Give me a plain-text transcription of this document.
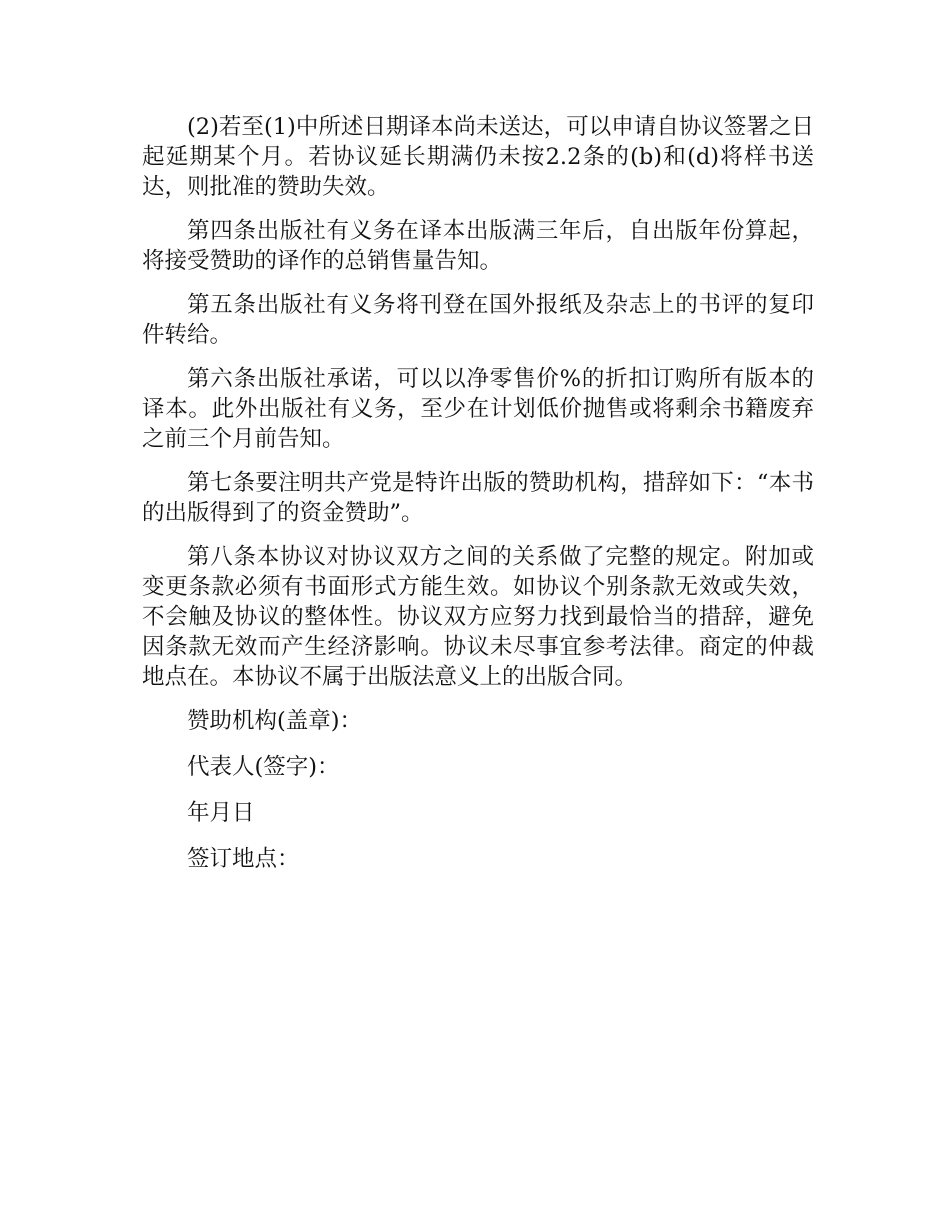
(2)若至(1)中所述日期译本尚未送达，可以申请自协议签署之日起延期某个月。若协议延长期满仍未按2.2条的(b)和(d)将样书送达，则批准的赞助失效。

第四条出版社有义务在译本出版满三年后，自出版年份算起，将接受赞助的译作的总销售量告知。

第五条出版社有义务将刊登在国外报纸及杂志上的书评的复印件转给。

第六条出版社承诺，可以以净零售价%的折扣订购所有版本的译本。此外出版社有义务，至少在计划低价抛售或将剩余书籍废弃之前三个月前告知。

第七条要注明共产党是特许出版的赞助机构，措辞如下：“本书的出版得到了的资金赞助”。

第八条本协议对协议双方之间的关系做了完整的规定。附加或变更条款必须有书面形式方能生效。如协议个别条款无效或失效，不会触及协议的整体性。协议双方应努力找到最恰当的措辞，避免因条款无效而产生经济影响。协议未尽事宜参考法律。商定的仲裁地点在。本协议不属于出版法意义上的出版合同。

赞助机构(盖章)：

代表人(签字)：

年月日

签订地点：
